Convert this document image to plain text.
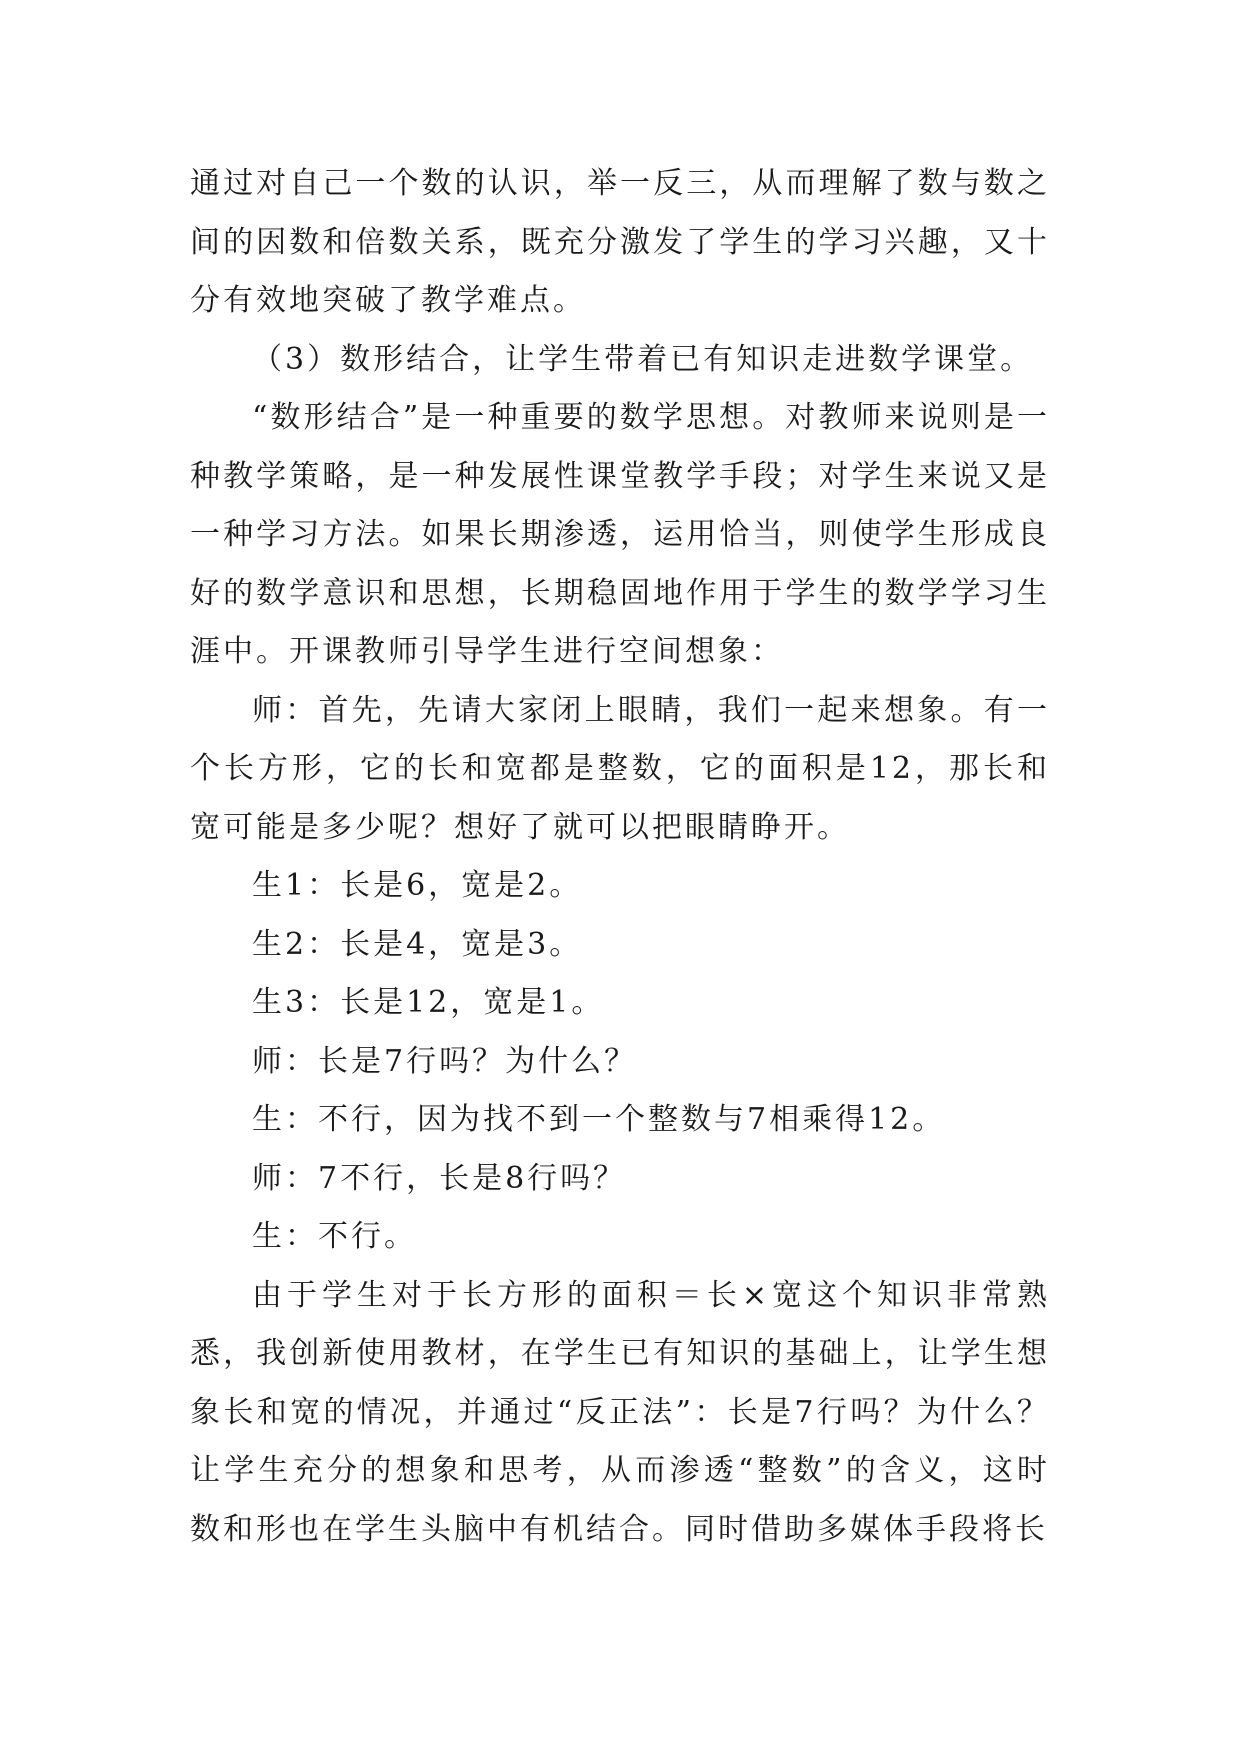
通过对自己一个数的认识，举一反三，从而理解了数与数之间的因数和倍数关系，既充分激发了学生的学习兴趣，又十分有效地突破了教学难点。

（3）数形结合，让学生带着已有知识走进数学课堂。

“数形结合”是一种重要的数学思想。对教师来说则是一种教学策略，是一种发展性课堂教学手段；对学生来说又是一种学习方法。如果长期渗透，运用恰当，则使学生形成良好的数学意识和思想，长期稳固地作用于学生的数学学习生涯中。开课教师引导学生进行空间想象：

师：首先，先请大家闭上眼睛，我们一起来想象。有一个长方形，它的长和宽都是整数，它的面积是12，那长和宽可能是多少呢？想好了就可以把眼睛睁开。

生1：长是6，宽是2。

生2：长是4，宽是3。

生3：长是12，宽是1。

师：长是7行吗？为什么？

生：不行，因为找不到一个整数与7相乘得12。

师：7不行，长是8行吗？

生：不行。

由于学生对于长方形的面积＝长×宽这个知识非常熟悉，我创新使用教材，在学生已有知识的基础上，让学生想象长和宽的情况，并通过“反正法”：长是7行吗？为什么？让学生充分的想象和思考，从而渗透“整数”的含义，这时数和形也在学生头脑中有机结合。同时借助多媒体手段将长
